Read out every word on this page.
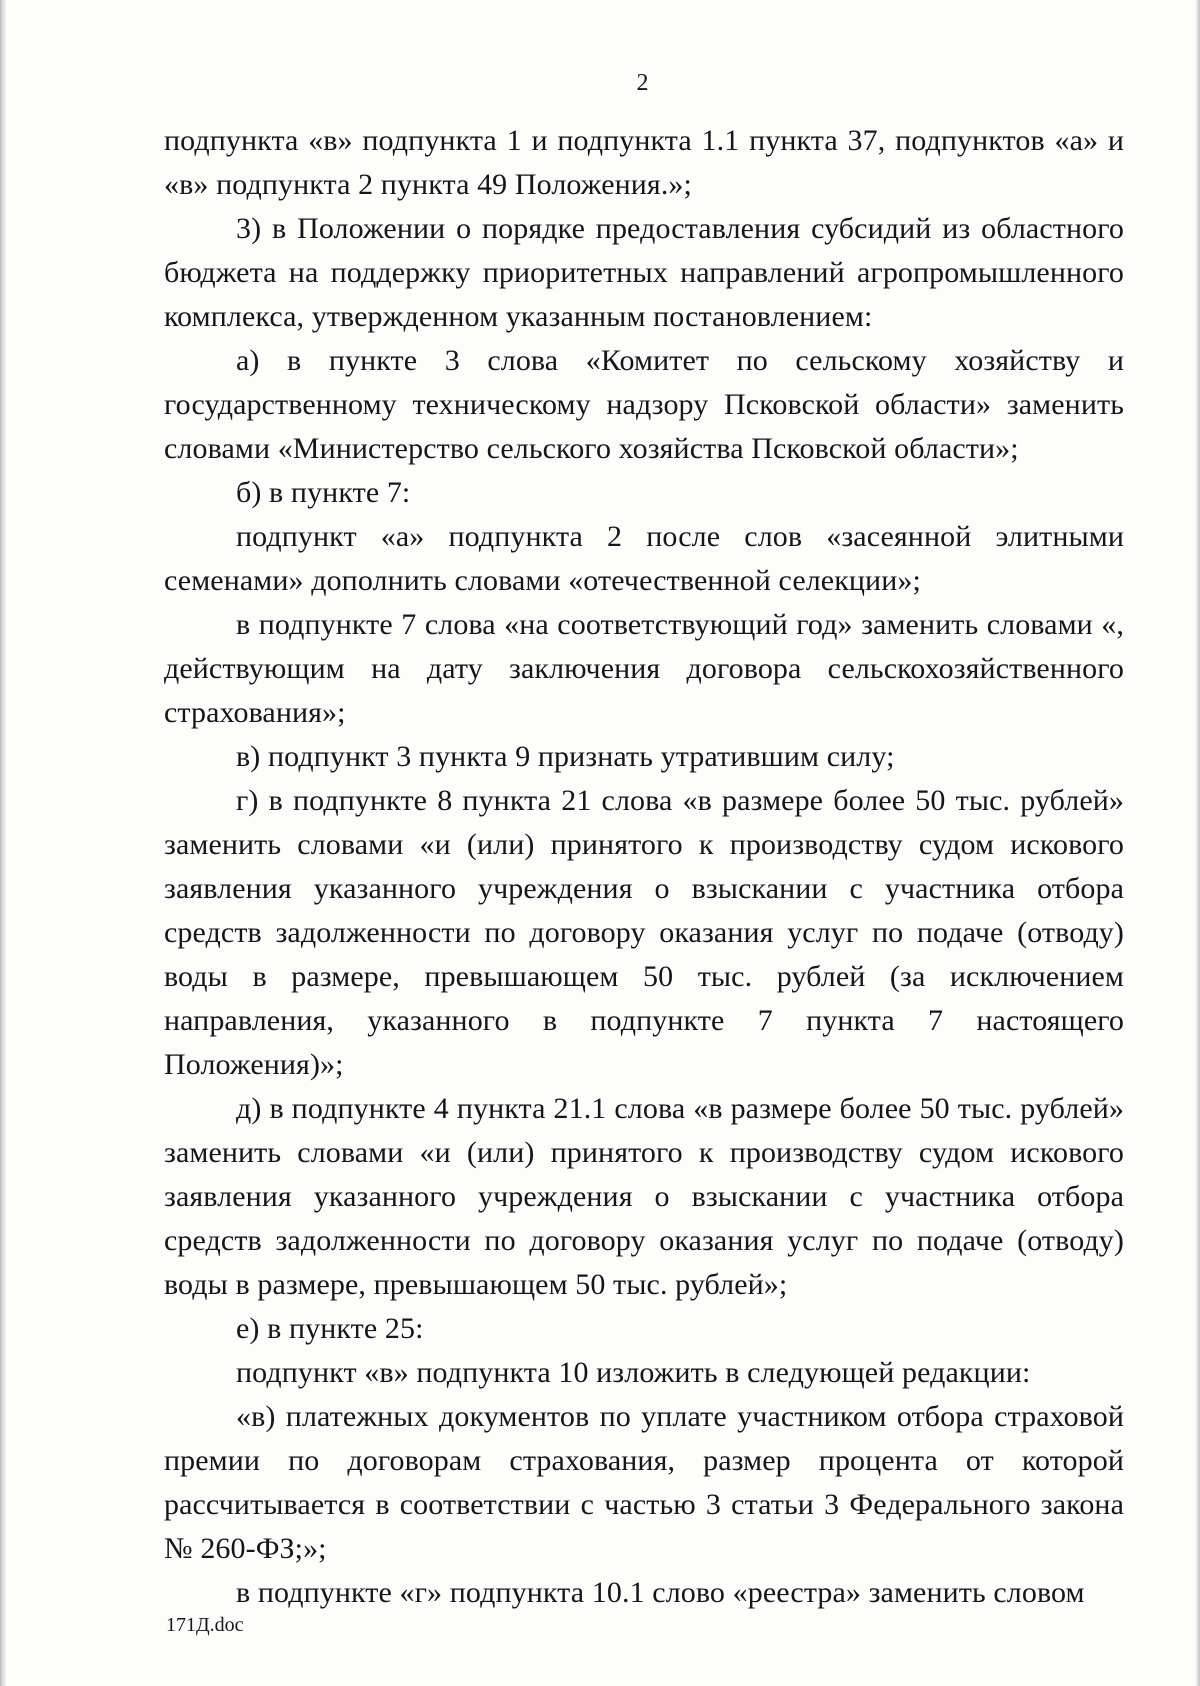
2

подпункта «в» подпункта 1 и подпункта 1.1 пункта 37, подпунктов «а» и «в» подпункта 2 пункта 49 Положения.»;

3) в Положении о порядке предоставления субсидий из областного бюджета на поддержку приоритетных направлений агропромышленного комплекса, утвержденном указанным постановлением:

а) в пункте 3 слова «Комитет по сельскому хозяйству и государственному техническому надзору Псковской области» заменить словами «Министерство сельского хозяйства Псковской области»;

б) в пункте 7:

подпункт «а» подпункта 2 после слов «засеянной элитными семенами» дополнить словами «отечественной селекции»;

в подпункте 7 слова «на соответствующий год» заменить словами «, действующим на дату заключения договора сельскохозяйственного страхования»;

в) подпункт 3 пункта 9 признать утратившим силу;

г) в подпункте 8 пункта 21 слова «в размере более 50 тыс. рублей» заменить словами «и (или) принятого к производству судом искового заявления указанного учреждения о взыскании с участника отбора средств задолженности по договору оказания услуг по подаче (отводу) воды в размере, превышающем 50 тыс. рублей (за исключением направления, указанного в подпункте 7 пункта 7 настоящего Положения)»;

д) в подпункте 4 пункта 21.1 слова «в размере более 50 тыс. рублей» заменить словами «и (или) принятого к производству судом искового заявления указанного учреждения о взыскании с участника отбора средств задолженности по договору оказания услуг по подаче (отводу) воды в размере, превышающем 50 тыс. рублей»;

е) в пункте 25:

подпункт «в» подпункта 10 изложить в следующей редакции:

«в) платежных документов по уплате участником отбора страховой премии по договорам страхования, размер процента от которой рассчитывается в соответствии с частью 3 статьи 3 Федерального закона № 260-ФЗ;»;

в подпункте «г» подпункта 10.1 слово «реестра» заменить словом

171Д.doc
